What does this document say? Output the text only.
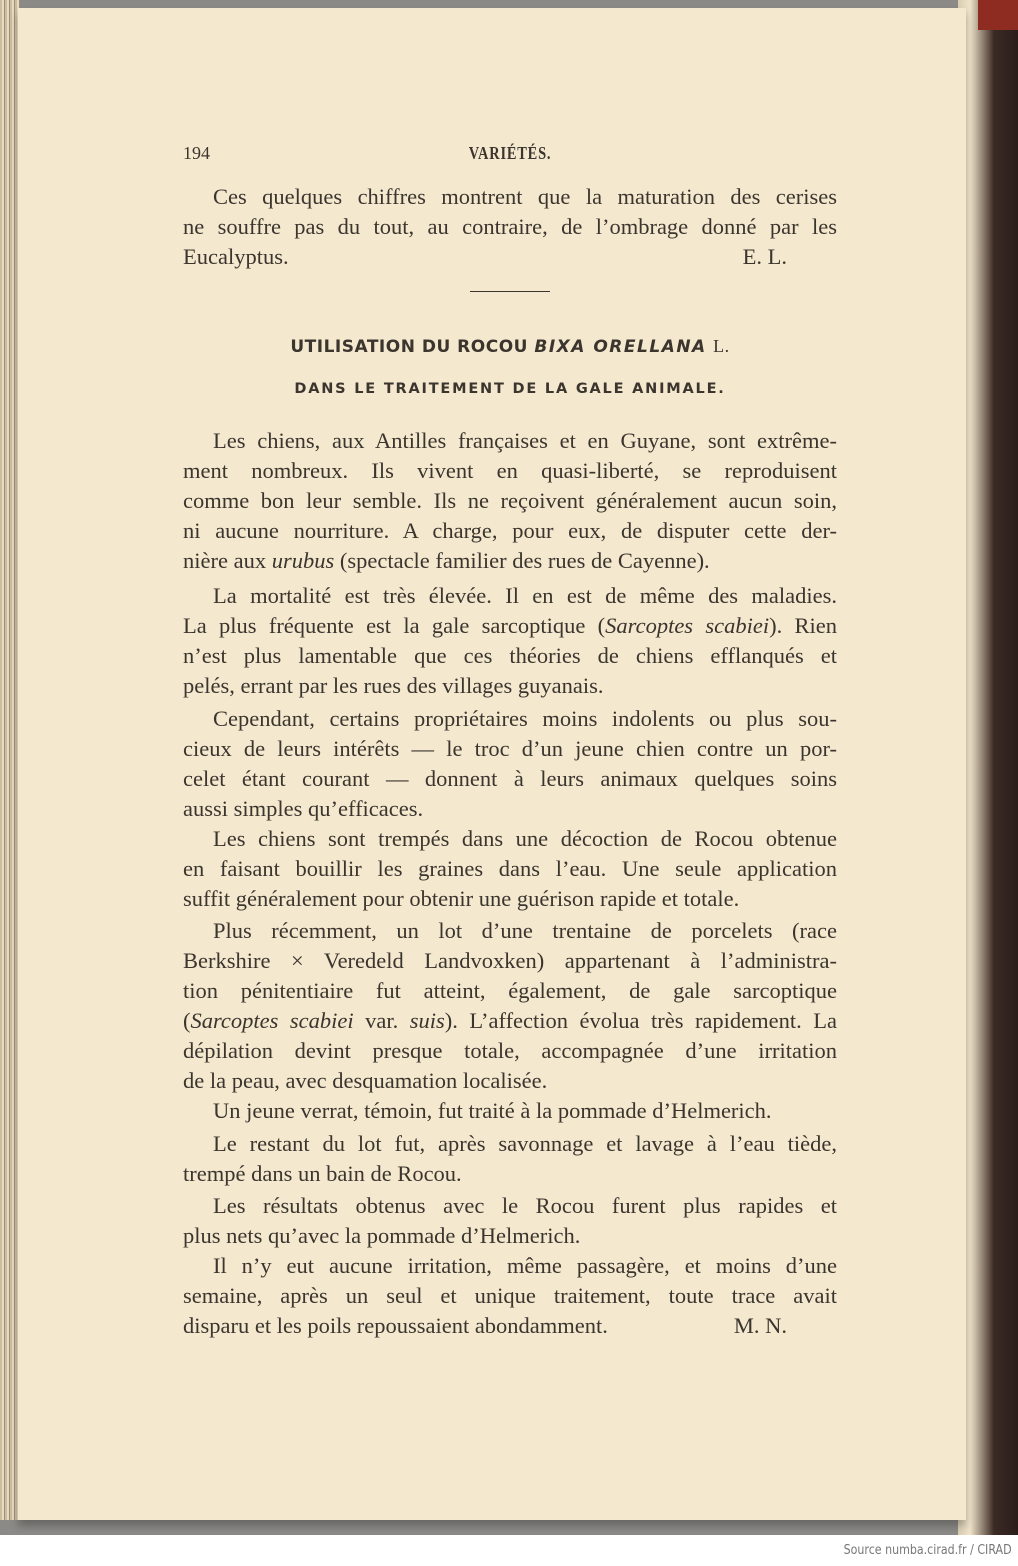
194	VARIÉTÉS.
Ces quelques chiffres montrent que la maturation des cerises
ne souffre pas du tout, au contraire, de l’ombrage donné par les
Eucalyptus.	E. L.
UTILISATION DU ROCOU BIXA ORELLANA L.
DANS LE TRAITEMENT DE LA GALE ANIMALE.
Les chiens, aux Antilles françaises et en Guyane, sont extrême-
ment nombreux. Ils vivent en quasi-liberté, se reproduisent
comme bon leur semble. Ils ne reçoivent généralement aucun soin,
ni aucune nourriture. A charge, pour eux, de disputer cette der-
nière aux urubus (spectacle familier des rues de Cayenne).
La mortalité est très élevée. Il en est de même des maladies.
La plus fréquente est la gale sarcoptique (Sarcoptes scabiei). Rien
n’est plus lamentable que ces théories de chiens efflanqués et
pelés, errant par les rues des villages guyanais.
Cependant, certains propriétaires moins indolents ou plus sou-
cieux de leurs intérêts — le troc d’un jeune chien contre un por-
celet étant courant — donnent à leurs animaux quelques soins
aussi simples qu’efficaces.
Les chiens sont trempés dans une décoction de Rocou obtenue
en faisant bouillir les graines dans l’eau. Une seule application
suffit généralement pour obtenir une guérison rapide et totale.
Plus récemment, un lot d’une trentaine de porcelets (race
Berkshire × Veredeld Landvoxken) appartenant à l’administra-
tion pénitentiaire fut atteint, également, de gale sarcoptique
(Sarcoptes scabiei var. suis). L’affection évolua très rapidement. La
dépilation devint presque totale, accompagnée d’une irritation
de la peau, avec desquamation localisée.
Un jeune verrat, témoin, fut traité à la pommade d’Helmerich.
Le restant du lot fut, après savonnage et lavage à l’eau tiède,
trempé dans un bain de Rocou.
Les résultats obtenus avec le Rocou furent plus rapides et
plus nets qu’avec la pommade d’Helmerich.
Il n’y eut aucune irritation, même passagère, et moins d’une
semaine, après un seul et unique traitement, toute trace avait
disparu et les poils repoussaient abondamment.	M. N.
Source numba.cirad.fr / CIRAD
